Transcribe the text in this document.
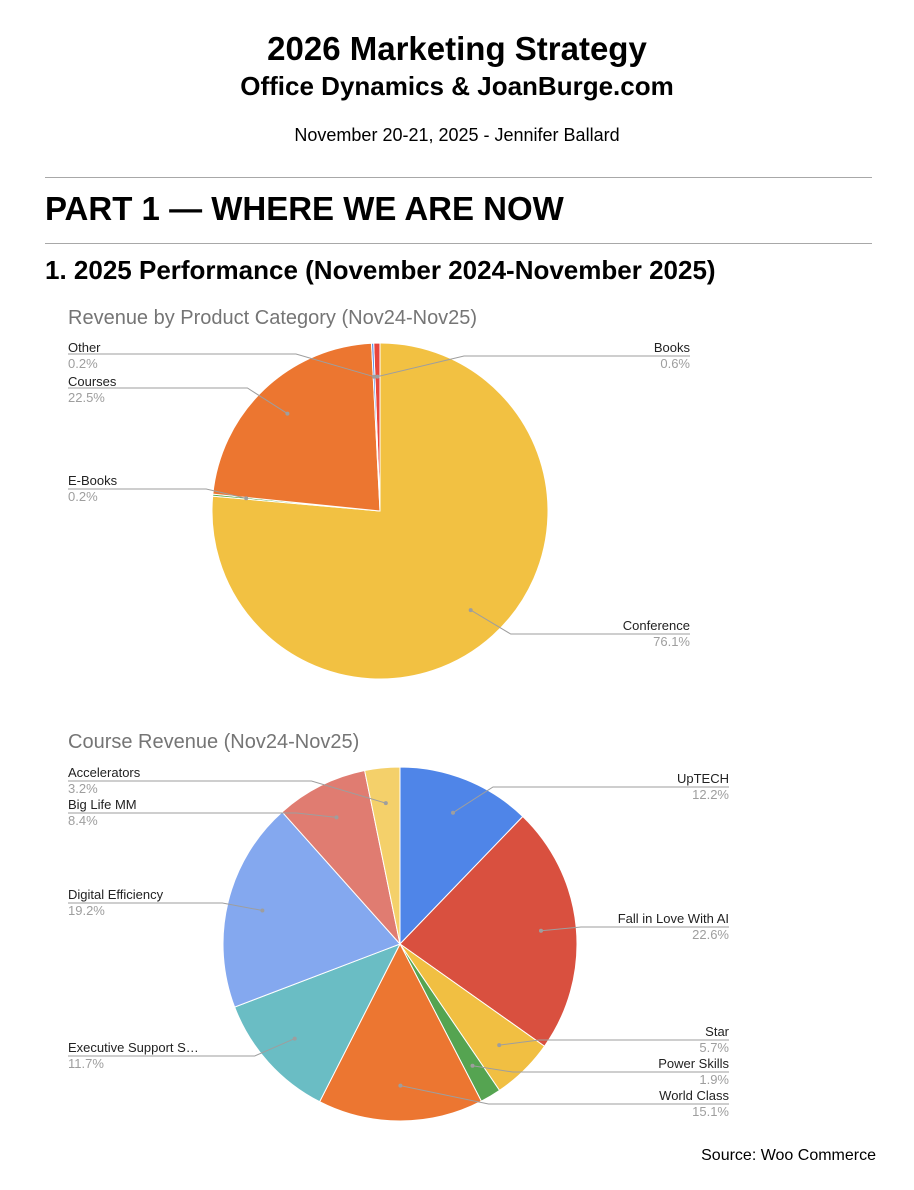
2026 Marketing Strategy
Office Dynamics & JoanBurge.com
November 20-21, 2025 - Jennifer Ballard
PART 1 — WHERE WE ARE NOW
1. 2025 Performance (November 2024-November 2025)
Revenue by Product Category (Nov24-Nov25)
Books
0.6%
Conference
76.1%
E-Books
0.2%
Courses
22.5%
Other
0.2%
Course Revenue (Nov24-Nov25)
UpTECH
12.2%
Fall in Love With AI
22.6%
Star
5.7%
Power Skills
1.9%
World Class
15.1%
Executive Support S…
11.7%
Digital Efficiency
19.2%
Big Life MM
8.4%
Accelerators
3.2%
Source: Woo Commerce
